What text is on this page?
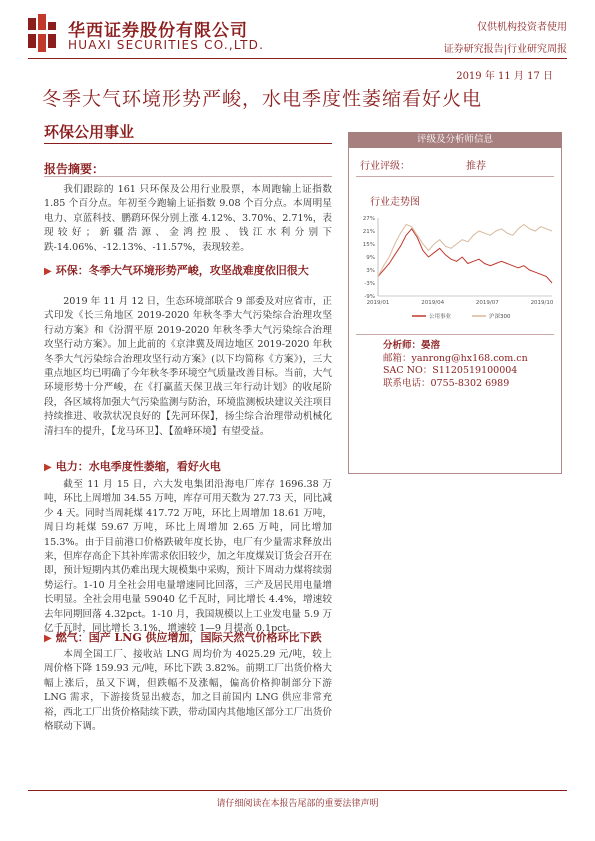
华西证券股份有限公司
HUAXI SECURITIES CO.,LTD.
仅供机构投资者使用
证券研究报告|行业研究周报
2019 年 11 月 17 日
冬季大气环境形势严峻，水电季度性萎缩看好火电
环保公用事业
报告摘要：
我们跟踪的 161 只环保及公用行业股票，本周跑输上证指数 1.85 个百分点。年初至今跑输上证指数 9.08 个百分点。本周明星电力、京蓝科技、鹏鹞环保分别上涨 4.12%、3.70%、2.71%，表现较好；新疆浩源、金鸿控股、钱江水利分别下跌-14.06%、-12.13%、-11.57%，表现较差。
▶ 环保：冬季大气环境形势严峻，攻坚战难度依旧很大
2019 年 11 月 12 日，生态环境部联合 9 部委及对应省市，正式印发《长三角地区 2019-2020 年秋冬季大气污染综合治理攻坚行动方案》和《汾渭平原 2019-2020 年秋冬季大气污染综合治理攻坚行动方案》。加上此前的《京津冀及周边地区 2019-2020 年秋冬季大气污染综合治理攻坚行动方案》(以下均简称《方案》)，三大重点地区均已明确了今年秋冬季环境空气质量改善目标。当前，大气环境形势十分严峻，在《打赢蓝天保卫战三年行动计划》的收尾阶段，各区域将加强大气污染监测与防治，环境监测板块建议关注项目持续推进、收款状况良好的【先河环保】，扬尘综合治理带动机械化清扫车的提升，【龙马环卫】、【盈峰环境】有望受益。
▶ 电力：水电季度性萎缩，看好火电
截至 11 月 15 日，六大发电集团沿海电厂库存 1696.38 万吨，环比上周增加 34.55 万吨，库存可用天数为 27.73 天，同比减少 4 天。同时当周耗煤 417.72 万吨，环比上周增加 18.61 万吨，周日均耗煤 59.67 万吨，环比上周增加 2.65 万吨，同比增加 15.3%。由于目前港口价格跌破年度长协，电厂有少量需求释放出来，但库存高企下其补库需求依旧较少，加之年度煤炭订货会召开在即，预计短期内其仍难出现大规模集中采购，预计下周动力煤将续弱势运行。1-10 月全社会用电量增速同比回落，三产及居民用电量增长明显。全社会用电量 59040 亿千瓦时，同比增长 4.4%，增速较去年同期回落 4.32pct。1-10 月，我国规模以上工业发电量 5.9 万亿千瓦时，同比增长 3.1%，增速较 1—9 月提高 0.1pct。
▶ 燃气：国产 LNG 供应增加，国际天然气价格环比下跌
本周全国工厂、接收站 LNG 周均价为 4025.29 元/吨，较上周价格下降 159.93 元/吨，环比下跌 3.82%。前期工厂出货价格大幅上涨后，虽又下调，但跌幅不及涨幅，偏高价格抑制部分下游 LNG 需求，下游接货显出疲态，加之目前国内 LNG 供应非常充裕，西北工厂出货价格陆续下跌，带动国内其他地区部分工厂出货价格联动下调。
评级及分析师信息
行业评级：	推荐
行业走势图
27%
21%
15%
9%
3%
-3%
-9%
2019/01	2019/04	2019/07	2019/10
公用事业	沪深300
分析师：晏溶
邮箱：yanrong@hx168.com.cn
SAC NO：S1120519100004
联系电话：0755-8302 6989
请仔细阅读在本报告尾部的重要法律声明
